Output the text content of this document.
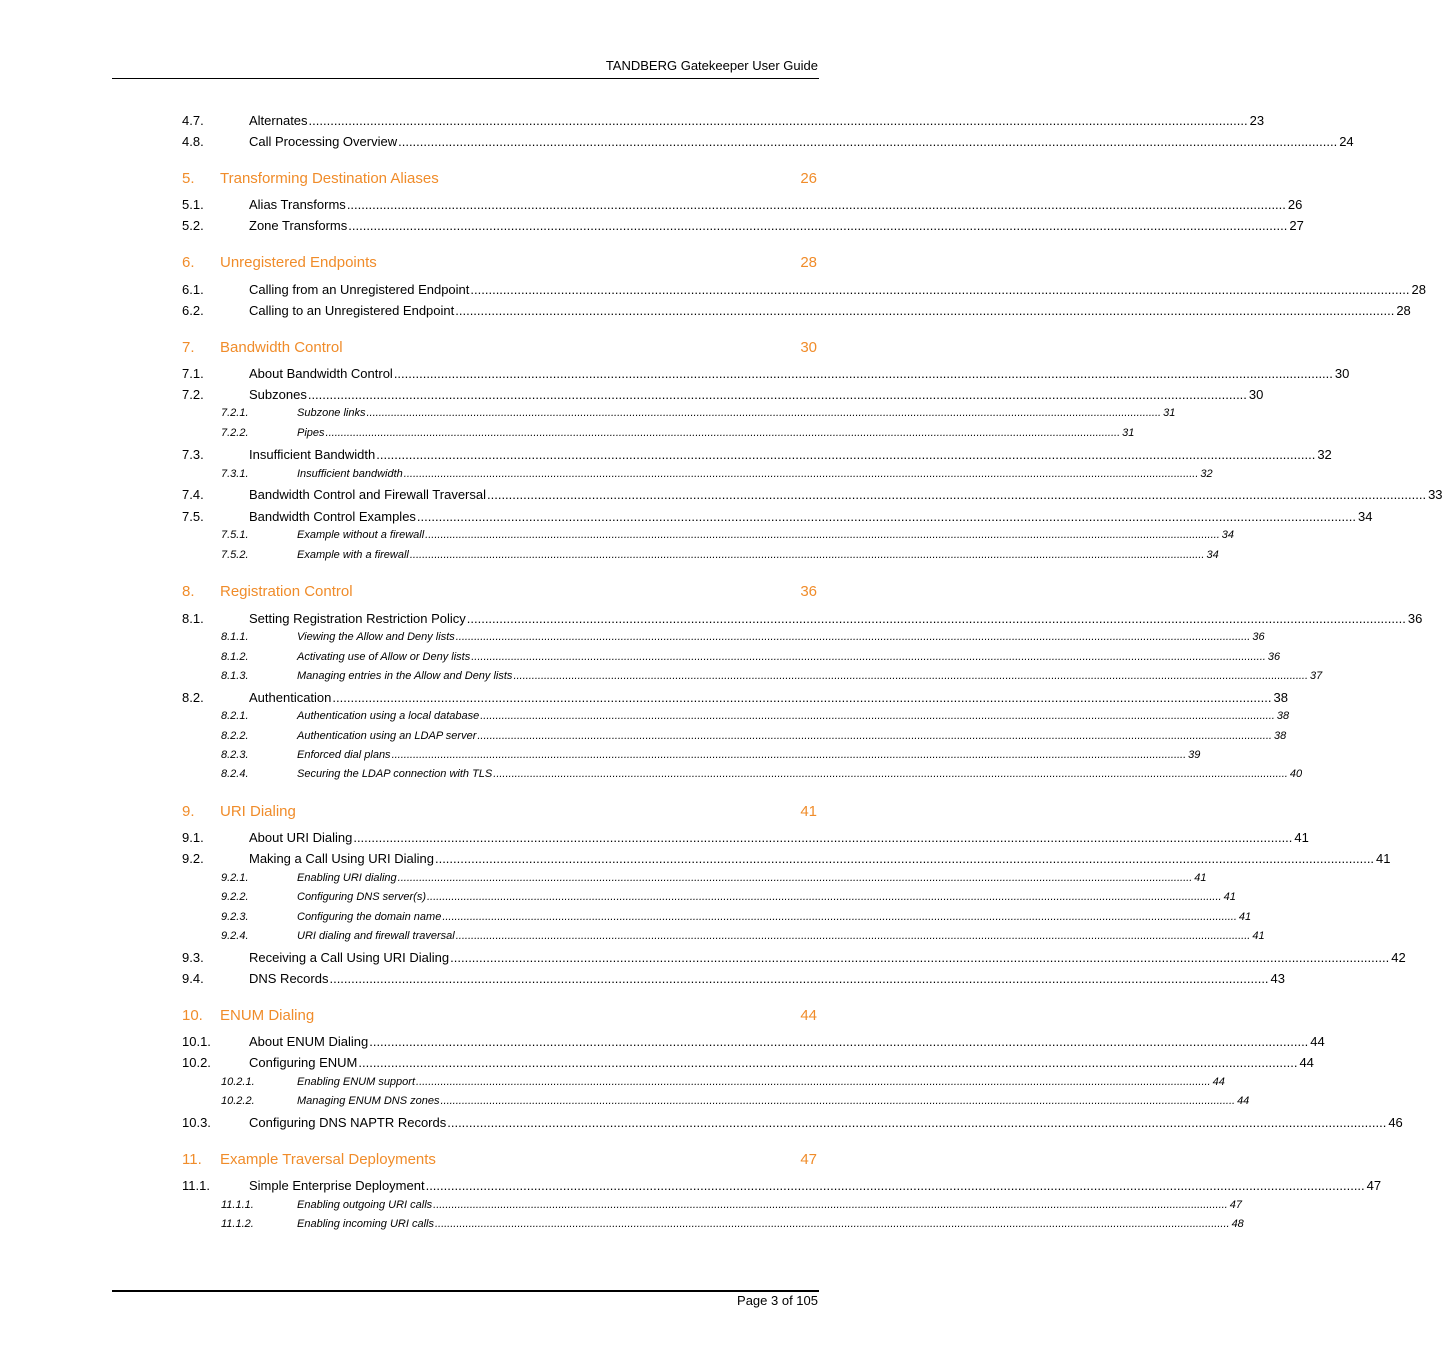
TANDBERG Gatekeeper User Guide
4.7.	Alternates .................................................................................................................................................................................................................................................................... 23
4.8.	Call Processing Overview .................................................................................................................................................................................................................................................................... 24
5. Transforming Destination Aliases	26
5.1.	Alias Transforms .................................................................................................................................................................................................................................................................... 26
5.2.	Zone Transforms .................................................................................................................................................................................................................................................................... 27
6. Unregistered Endpoints	28
6.1.	Calling from an Unregistered Endpoint .................................................................................................................................................................................................................................................................... 28
6.2.	Calling to an Unregistered Endpoint .................................................................................................................................................................................................................................................................... 28
7. Bandwidth Control	30
7.1.	About Bandwidth Control .................................................................................................................................................................................................................................................................... 30
7.2.	Subzones .................................................................................................................................................................................................................................................................... 30
7.2.1.	Subzone links .................................................................................................................................................................................................................................................................... 31
7.2.2.	Pipes .................................................................................................................................................................................................................................................................... 31
7.3.	Insufficient Bandwidth .................................................................................................................................................................................................................................................................... 32
7.3.1.	Insufficient bandwidth .................................................................................................................................................................................................................................................................... 32
7.4.	Bandwidth Control and Firewall Traversal .................................................................................................................................................................................................................................................................... 33
7.5.	Bandwidth Control Examples .................................................................................................................................................................................................................................................................... 34
7.5.1.	Example without a firewall .................................................................................................................................................................................................................................................................... 34
7.5.2.	Example with a firewall .................................................................................................................................................................................................................................................................... 34
8. Registration Control	36
8.1.	Setting Registration Restriction Policy .................................................................................................................................................................................................................................................................... 36
8.1.1.	Viewing the Allow and Deny lists .................................................................................................................................................................................................................................................................... 36
8.1.2.	Activating use of Allow or Deny lists .................................................................................................................................................................................................................................................................... 36
8.1.3.	Managing entries in the Allow and Deny lists .................................................................................................................................................................................................................................................................... 37
8.2.	Authentication .................................................................................................................................................................................................................................................................... 38
8.2.1.	Authentication using a local database .................................................................................................................................................................................................................................................................... 38
8.2.2.	Authentication using an LDAP server .................................................................................................................................................................................................................................................................... 38
8.2.3.	Enforced dial plans .................................................................................................................................................................................................................................................................... 39
8.2.4.	Securing the LDAP connection with TLS .................................................................................................................................................................................................................................................................... 40
9. URI Dialing	41
9.1.	About URI Dialing .................................................................................................................................................................................................................................................................... 41
9.2.	Making a Call Using URI Dialing .................................................................................................................................................................................................................................................................... 41
9.2.1.	Enabling URI dialing .................................................................................................................................................................................................................................................................... 41
9.2.2.	Configuring DNS server(s) .................................................................................................................................................................................................................................................................... 41
9.2.3.	Configuring the domain name .................................................................................................................................................................................................................................................................... 41
9.2.4.	URI dialing and firewall traversal .................................................................................................................................................................................................................................................................... 41
9.3.	Receiving a Call Using URI Dialing .................................................................................................................................................................................................................................................................... 42
9.4.	DNS Records .................................................................................................................................................................................................................................................................... 43
10. ENUM Dialing	44
10.1.	About ENUM Dialing .................................................................................................................................................................................................................................................................... 44
10.2.	Configuring ENUM .................................................................................................................................................................................................................................................................... 44
10.2.1.	Enabling ENUM support .................................................................................................................................................................................................................................................................... 44
10.2.2.	Managing ENUM DNS zones .................................................................................................................................................................................................................................................................... 44
10.3.	Configuring DNS NAPTR Records .................................................................................................................................................................................................................................................................... 46
11. Example Traversal Deployments	47
11.1.	Simple Enterprise Deployment .................................................................................................................................................................................................................................................................... 47
11.1.1.	Enabling outgoing URI calls .................................................................................................................................................................................................................................................................... 47
11.1.2.	Enabling incoming URI calls .................................................................................................................................................................................................................................................................... 48
Page 3 of 105
